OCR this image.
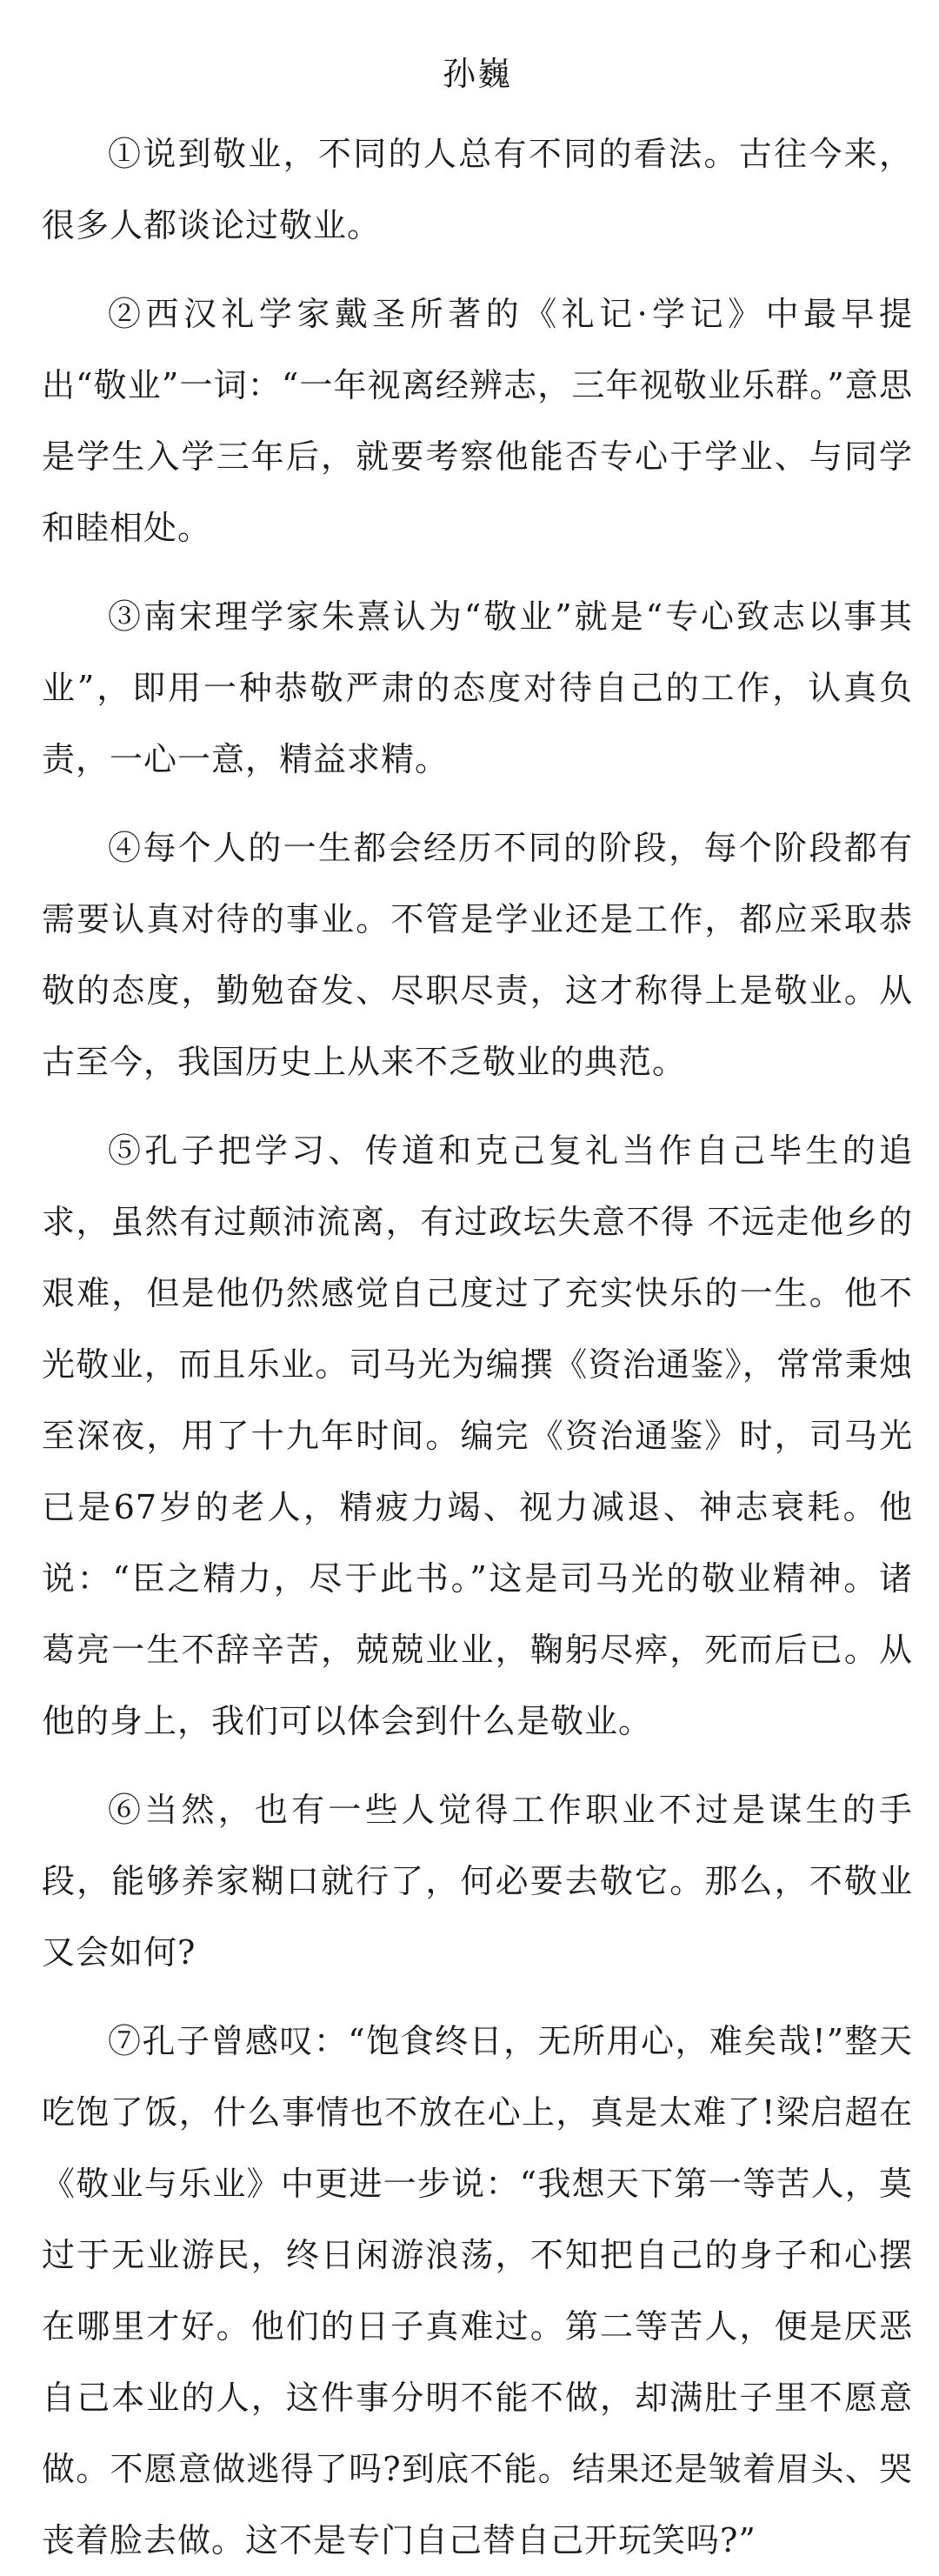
孙巍

①说到敬业，不同的人总有不同的看法。古往今来，很多人都谈论过敬业。

②西汉礼学家戴圣所著的《礼记·学记》中最早提出“敬业”一词：“一年视离经辨志，三年视敬业乐群。”意思是学生入学三年后，就要考察他能否专心于学业、与同学和睦相处。

③南宋理学家朱熹认为“敬业”就是“专心致志以事其业”，即用一种恭敬严肃的态度对待自己的工作，认真负责，一心一意，精益求精。

④每个人的一生都会经历不同的阶段，每个阶段都有需要认真对待的事业。不管是学业还是工作，都应采取恭敬的态度，勤勉奋发、尽职尽责，这才称得上是敬业。从古至今，我国历史上从来不乏敬业的典范。

⑤孔子把学习、传道和克己复礼当作自己毕生的追求，虽然有过颠沛流离，有过政坛失意不得 不远走他乡的艰难，但是他仍然感觉自己度过了充实快乐的一生。他不光敬业，而且乐业。司马光为编撰《资治通鉴》，常常秉烛至深夜，用了十九年时间。编完《资治通鉴》时，司马光已是67岁的老人，精疲力竭、视力减退、神志衰耗。他说：“臣之精力，尽于此书。”这是司马光的敬业精神。诸 葛亮一生不辞辛苦，兢兢业业，鞠躬尽瘁，死而后已。从他的身上，我们可以体会到什么是敬业。

⑥当然，也有一些人觉得工作职业不过是谋生的手段，能够养家糊口就行了，何必要去敬它。那么，不敬业又会如何?

⑦孔子曾感叹：“饱食终日，无所用心，难矣哉!”整天吃饱了饭，什么事情也不放在心上，真是太难了!梁启超在《敬业与乐业》中更进一步说：“我想天下第一等苦人，莫过于无业游民，终日闲游浪荡，不知把自己的身子和心摆在哪里才好。他们的日子真难过。第二等苦人，便是厌恶自己本业的人，这件事分明不能不做，却满肚子里不愿意做。不愿意做逃得了吗?到底不能。结果还是皱着眉头、哭丧着脸去做。这不是专门自己替自己开玩笑吗?”
